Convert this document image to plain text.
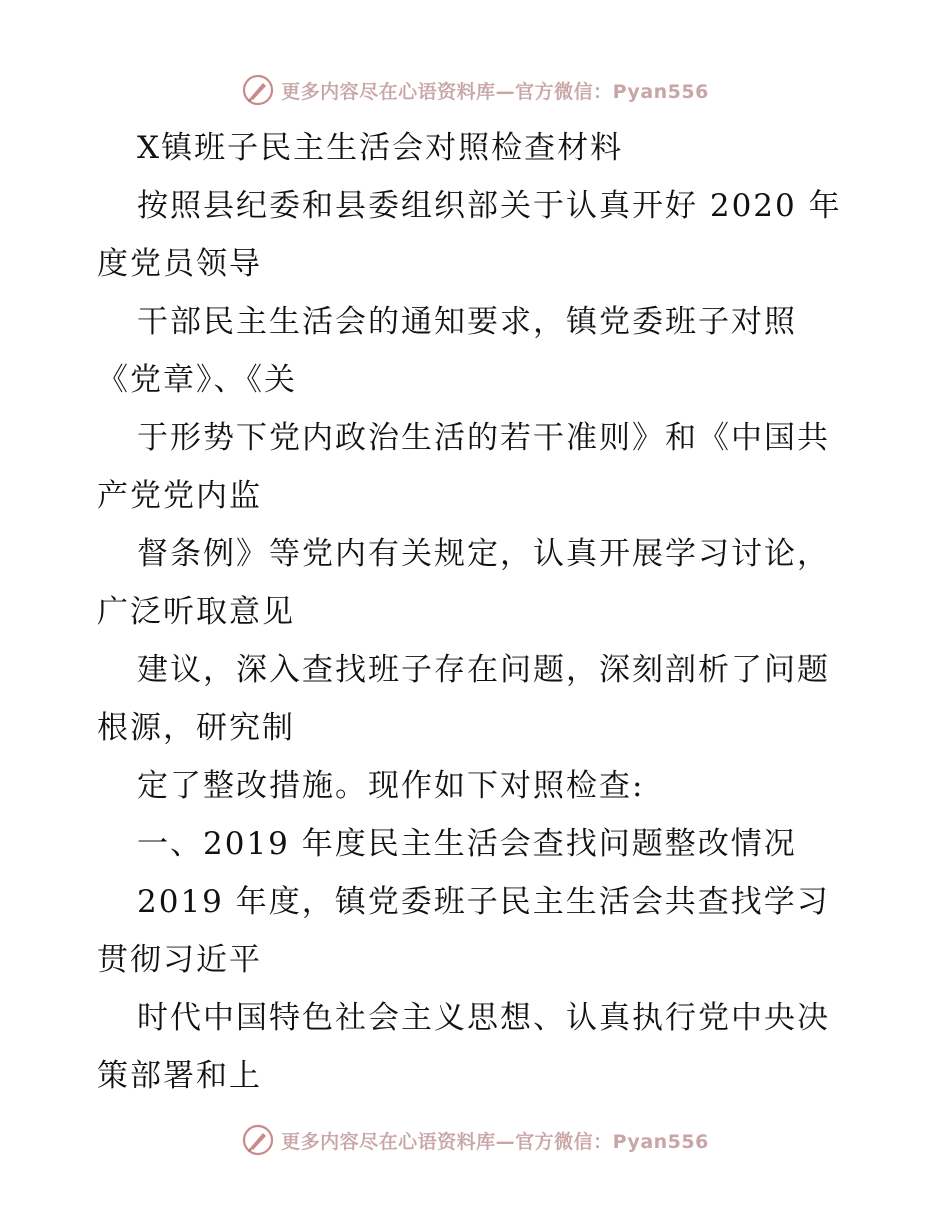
更多内容尽在心语资料库—官方微信：Pyan556
X镇班子民主生活会对照检查材料
按照县纪委和县委组织部关于认真开好 2020 年
度党员领导
干部民主生活会的通知要求，镇党委班子对照
《党章》、《关
于形势下党内政治生活的若干准则》和《中国共
产党党内监
督条例》等党内有关规定，认真开展学习讨论，
广泛听取意见
建议，深入查找班子存在问题，深刻剖析了问题
根源，研究制
定了整改措施。现作如下对照检查:
一、2019 年度民主生活会查找问题整改情况
2019 年度，镇党委班子民主生活会共查找学习
贯彻习近平
时代中国特色社会主义思想、认真执行党中央决
策部署和上
更多内容尽在心语资料库—官方微信：Pyan556
